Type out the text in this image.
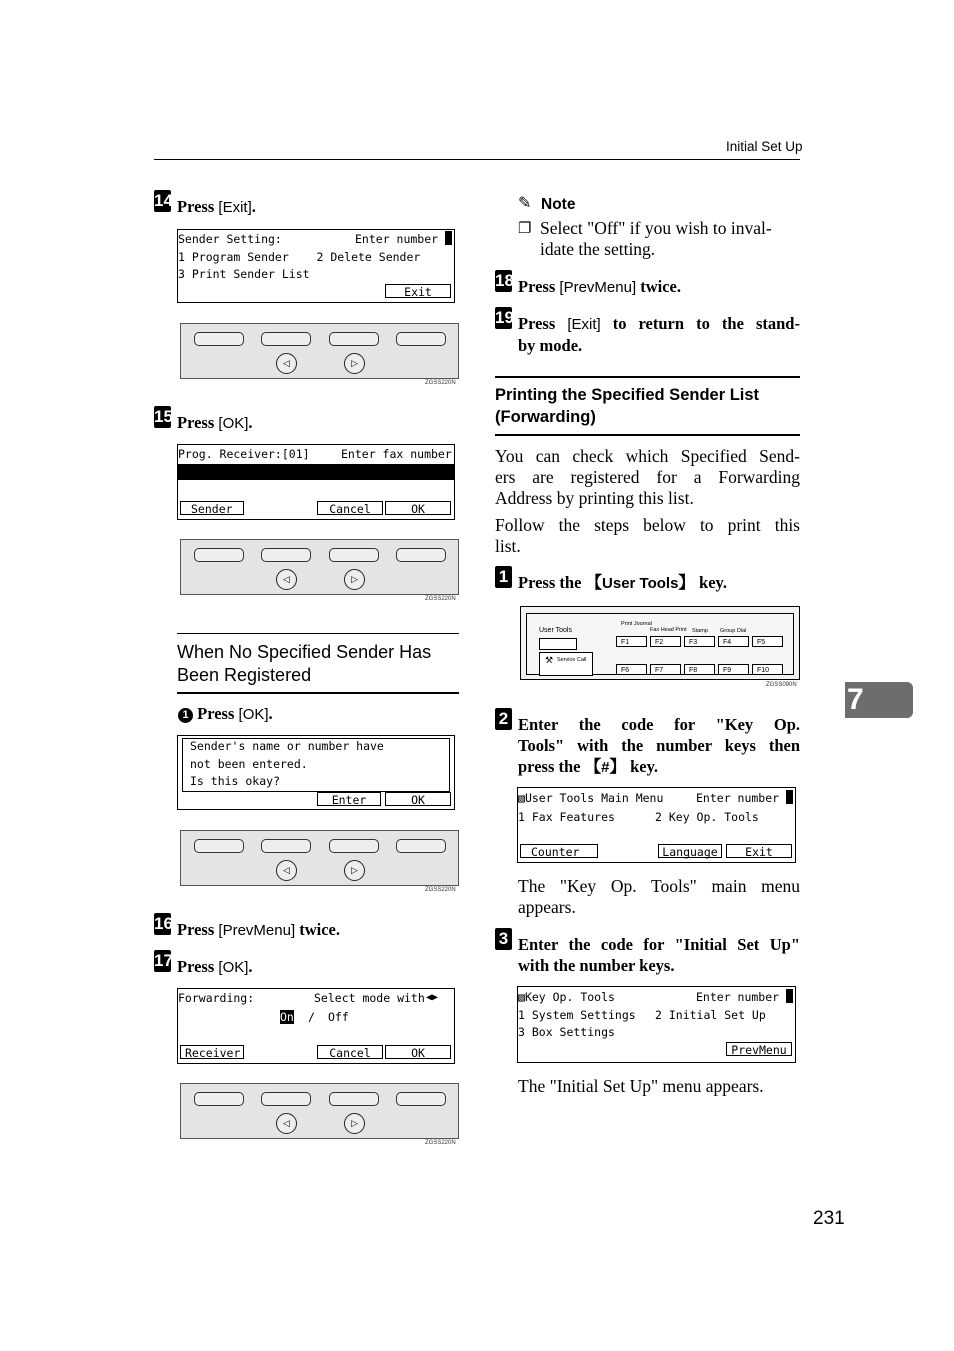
Initial Set Up
14 Press [Exit].
Sender Setting:	Enter number
1 Program Sender    2 Delete Sender
3 Print Sender List
Exit
◁	▷
ZGSS220N
15 Press [OK].
Prog. Receiver:[01]	Enter fax number

☎ 9266047131

Sender	Cancel	OK
◁	▷
ZGSS220N
When No Specified Sender Has
Been Registered
1 Press [OK].
Sender's name or number have
not been entered.
Is this okay?
Enter	OK
◁	▷
ZGSS220N
16 Press [PrevMenu] twice.
17 Press [OK].
Forwarding:	Select mode with ◀▶
On / Off
Receiver	Cancel	OK
◁	▷
ZGSS220N
✎ Note
❐ Select "Off" if you wish to inval-
idate the setting.
18 Press [PrevMenu] twice.
19 Press [Exit] to return to the stand-
by mode.
Printing the Specified Sender List
(Forwarding)
You can check which Specified Send-
ers are registered for a Forwarding
Address by printing this list.
Follow the steps below to print this
list.
1 Press the 【User Tools】 key.
User Tools
⚒ Service Call
Print Journal
Fax Head Print Stamp Group Dial
F1	F2	F3	F4	F5
F6	F7	F8	F9	F10
ZGSS090N 7
2 Enter the code for "Key Op.
Tools" with the number keys then
press the 【#】 key.
▧User Tools Main Menu	Enter number
1 Fax Features	2 Key Op. Tools
Counter	Language	Exit
The "Key Op. Tools" main menu
appears.
3 Enter the code for "Initial Set Up"
with the number keys.
▧Key Op. Tools	Enter number
1 System Settings 2 Initial Set Up
3 Box Settings
PrevMenu
The "Initial Set Up" menu appears.
231
